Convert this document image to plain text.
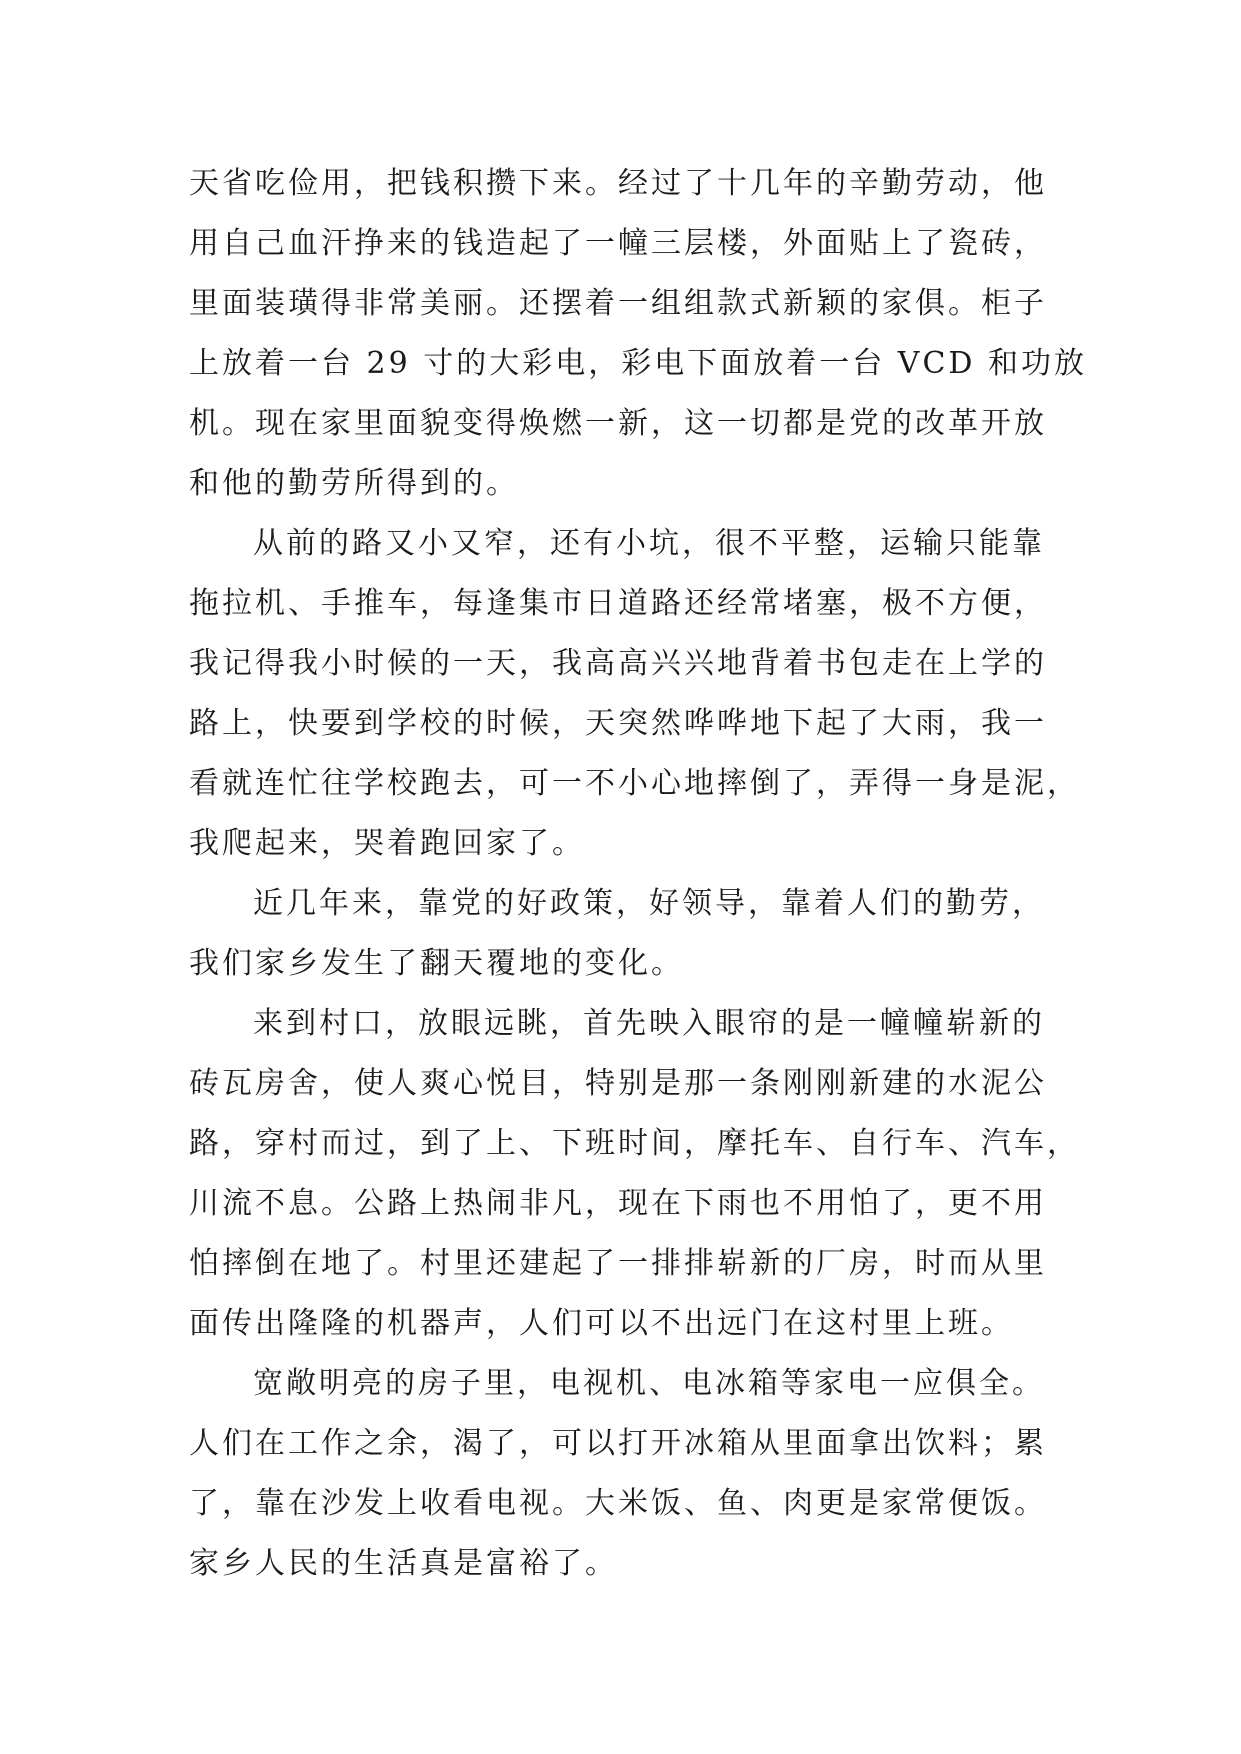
天省吃俭用，把钱积攒下来。经过了十几年的辛勤劳动，他
用自己血汗挣来的钱造起了一幢三层楼，外面贴上了瓷砖，
里面装璜得非常美丽。还摆着一组组款式新颖的家俱。柜子
上放着一台 29 寸的大彩电，彩电下面放着一台 VCD 和功放
机。现在家里面貌变得焕燃一新，这一切都是党的改革开放
和他的勤劳所得到的。

从前的路又小又窄，还有小坑，很不平整，运输只能靠
拖拉机、手推车，每逢集市日道路还经常堵塞，极不方便，
我记得我小时候的一天，我高高兴兴地背着书包走在上学的
路上，快要到学校的时候，天突然哗哗地下起了大雨，我一
看就连忙往学校跑去，可一不小心地摔倒了，弄得一身是泥，
我爬起来，哭着跑回家了。

近几年来，靠党的好政策，好领导，靠着人们的勤劳，
我们家乡发生了翻天覆地的变化。

来到村口，放眼远眺，首先映入眼帘的是一幢幢崭新的
砖瓦房舍，使人爽心悦目，特别是那一条刚刚新建的水泥公
路，穿村而过，到了上、下班时间，摩托车、自行车、汽车，
川流不息。公路上热闹非凡，现在下雨也不用怕了，更不用
怕摔倒在地了。村里还建起了一排排崭新的厂房，时而从里
面传出隆隆的机器声，人们可以不出远门在这村里上班。

宽敞明亮的房子里，电视机、电冰箱等家电一应俱全。
人们在工作之余，渴了，可以打开冰箱从里面拿出饮料；累
了，靠在沙发上收看电视。大米饭、鱼、肉更是家常便饭。
家乡人民的生活真是富裕了。
